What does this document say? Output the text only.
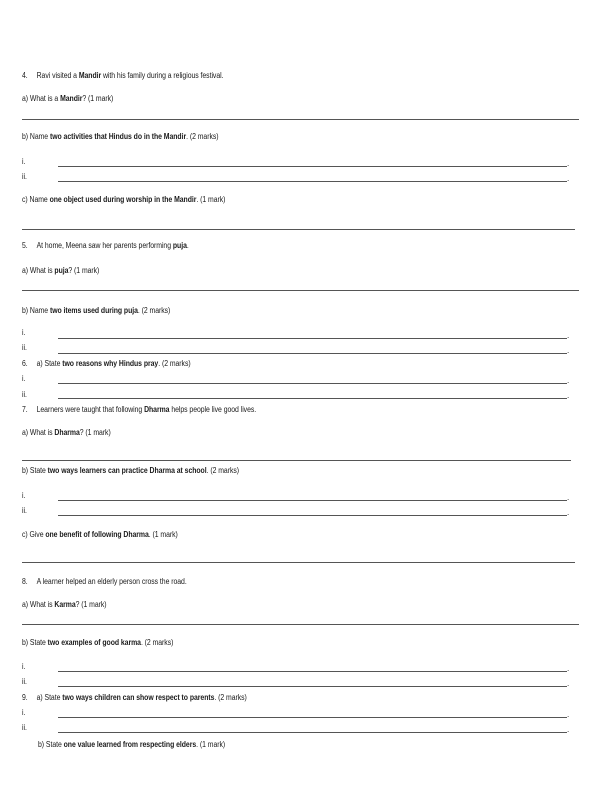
4. Ravi visited a Mandir with his family during a religious festival.
a) What is a Mandir? (1 mark)
b) Name two activities that Hindus do in the Mandir. (2 marks)
i.	.
ii.	.
c) Name one object used during worship in the Mandir. (1 mark)
5. At home, Meena saw her parents performing puja.
a) What is puja? (1 mark)
b) Name two items used during puja. (2 marks)
i.	.
ii.	.
6. a) State two reasons why Hindus pray. (2 marks)
i.	.
ii.	.
7. Learners were taught that following Dharma helps people live good lives.
a) What is Dharma? (1 mark)
b) State two ways learners can practice Dharma at school. (2 marks)
i.	.
ii.	.
c) Give one benefit of following Dharma. (1 mark)
8. A learner helped an elderly person cross the road.
a) What is Karma? (1 mark)
b) State two examples of good karma. (2 marks)
i.	.
ii.	.
9. a) State two ways children can show respect to parents. (2 marks)
i.	.
ii.	.
b) State one value learned from respecting elders. (1 mark)
